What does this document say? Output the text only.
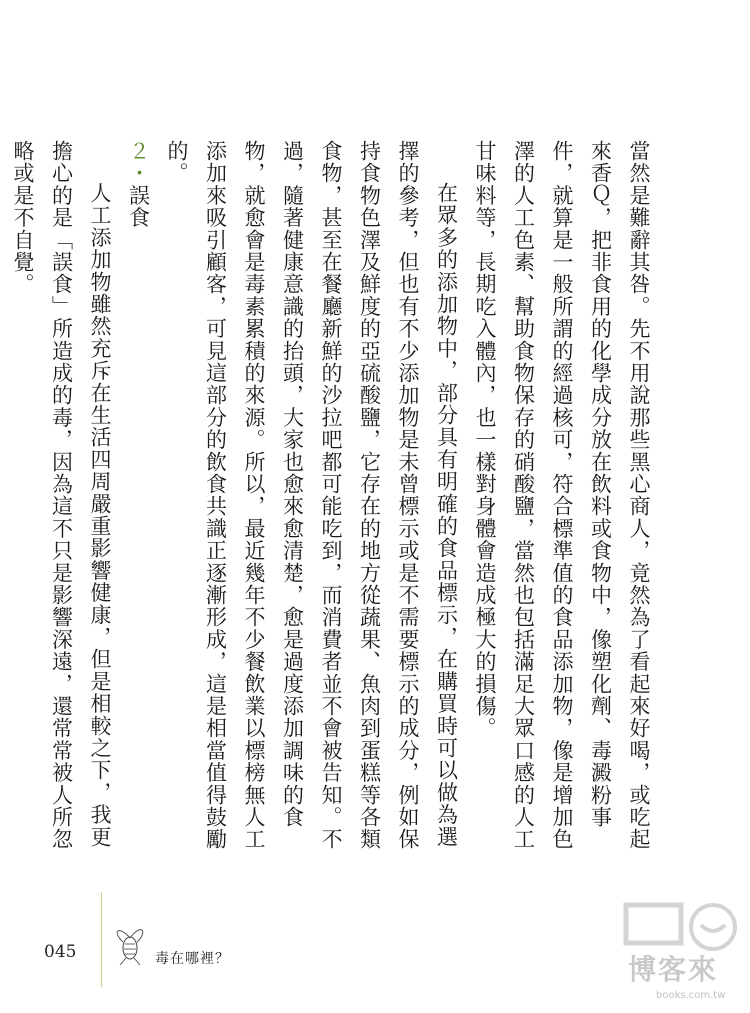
當然是難辭其咎。先不用說那些黑心商人，竟然為了看起來好喝，或吃起來香Ｑ，把非食用的化學成分放在飲料或食物中，像塑化劑、毒澱粉事件，就算是一般所謂的經過核可，符合標準值的食品添加物，像是增加色澤的人工色素、幫助食物保存的硝酸鹽，當然也包括滿足大眾口感的人工甘味料等，長期吃入體內，也一樣對身體會造成極大的損傷。

在眾多的添加物中，部分具有明確的食品標示，在購買時可以做為選擇的參考，但也有不少添加物是未曾標示或是不需要標示的成分，例如保持食物色澤及鮮度的亞硫酸鹽，它存在的地方從蔬果、魚肉到蛋糕等各類食物，甚至在餐廳新鮮的沙拉吧都可能吃到，而消費者並不會被告知。不過，隨著健康意識的抬頭，大家也愈來愈清楚，愈是過度添加調味的食物，就愈會是毒素累積的來源。所以，最近幾年不少餐飲業以標榜無人工添加來吸引顧客，可見這部分的飲食共識正逐漸形成，這是相當值得鼓勵的。

２・誤食

人工添加物雖然充斥在生活四周嚴重影響健康，但是相較之下，我更擔心的是「誤食」所造成的毒，因為這不只是影響深遠，還常常被人所忽略或是不自覺。

045	毒在哪裡？	博客來
books.com.tw
